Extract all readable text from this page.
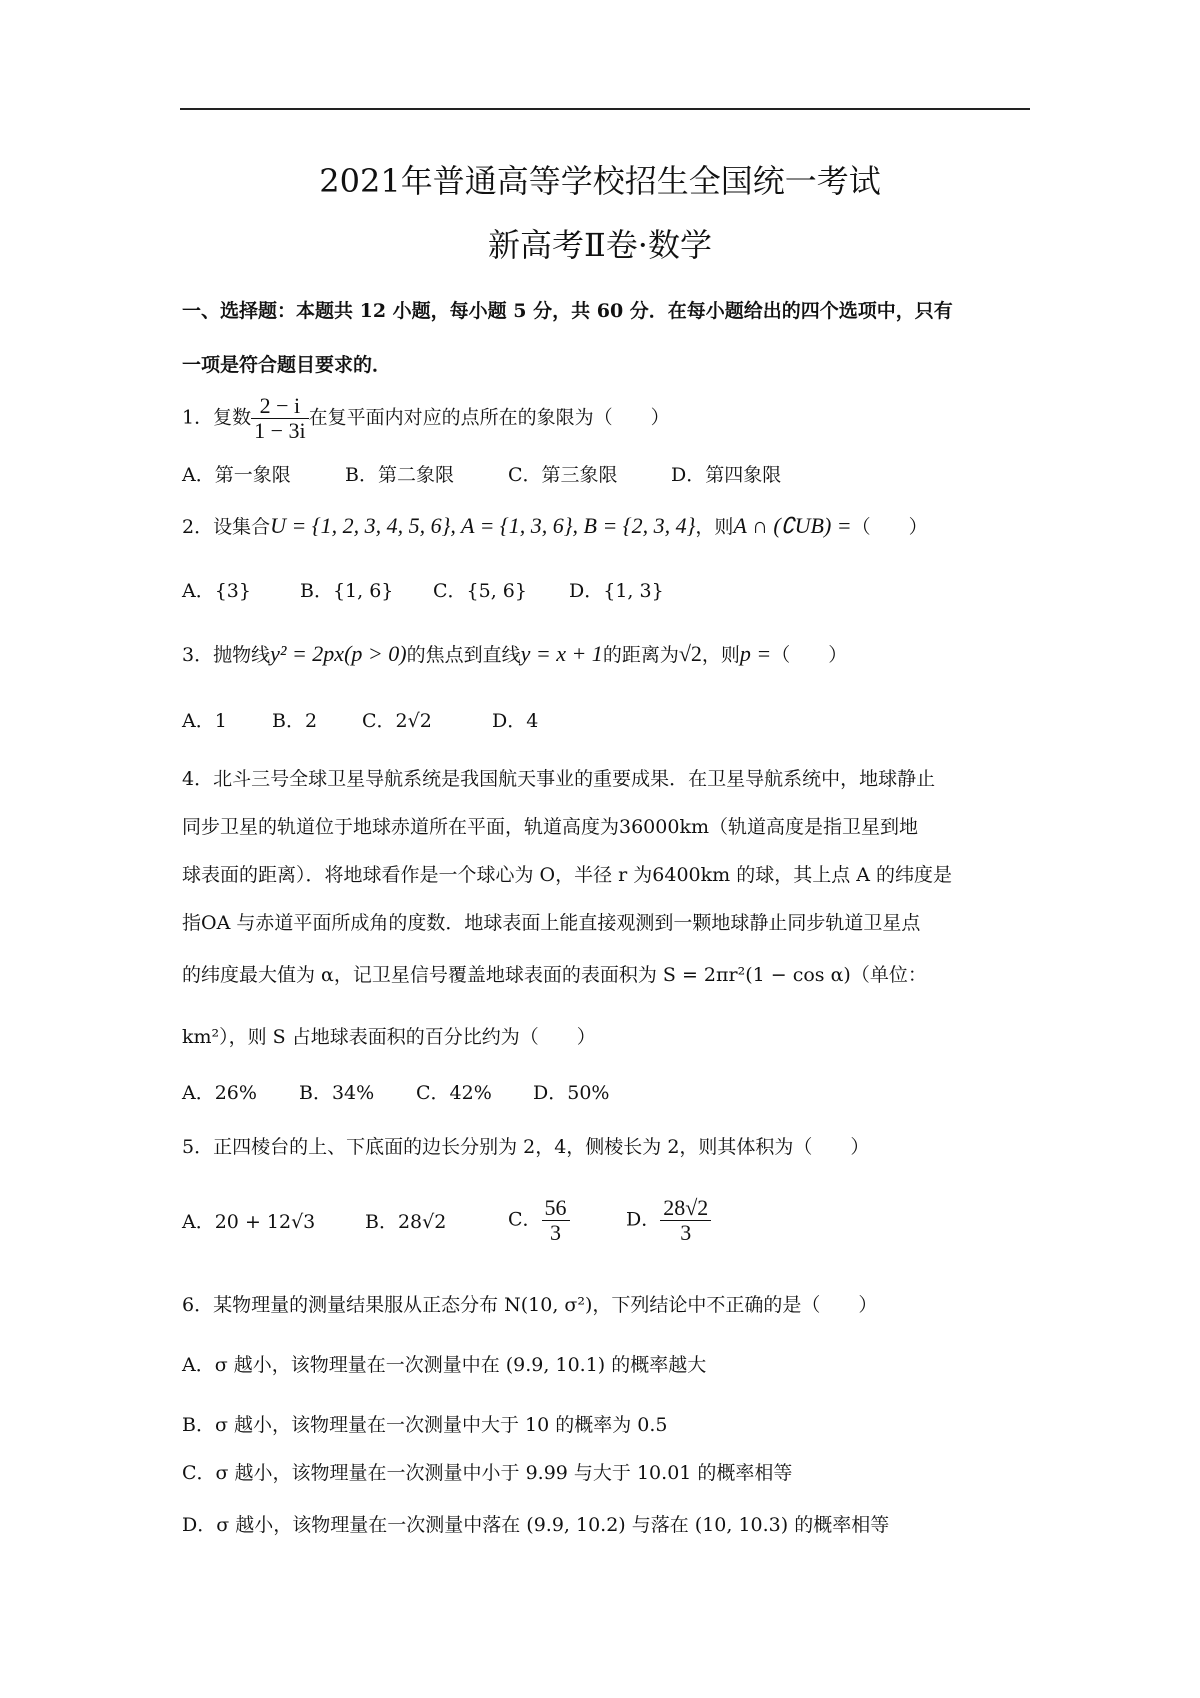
2021年普通高等学校招生全国统一考试
新高考Ⅱ卷·数学
一、选择题：本题共 12 小题，每小题 5 分，共 60 分．在每小题给出的四个选项中，只有
一项是符合题目要求的．
1．复数 $\frac{2 - i}{1 - 3i}$ 在复平面内对应的点所在的象限为（　　）
A．第一象限	B．第二象限	C．第三象限	D．第四象限
2．设集合U = {1, 2, 3, 4, 5, 6}, A = {1, 3, 6}, B = {2, 3, 4}，则A ∩ (∁UB) =（　　）
A．{3}	B．{1, 6} C．{5, 6} D．{1, 3}
3．抛物线y² = 2px(p > 0)的焦点到直线y = x + 1的距离为√2，则p =（　　）
A．1 B．2 C．2√2	D．4
4．北斗三号全球卫星导航系统是我国航天事业的重要成果．在卫星导航系统中，地球静止
同步卫星的轨道位于地球赤道所在平面，轨道高度为36000km（轨道高度是指卫星到地
球表面的距离）．将地球看作是一个球心为 O，半径 r 为6400km 的球，其上点 A 的纬度是
指OA 与赤道平面所成角的度数．地球表面上能直接观测到一颗地球静止同步轨道卫星点
的纬度最大值为 α，记卫星信号覆盖地球表面的表面积为 S = 2πr²(1 − cos α)（单位：
km²），则 S 占地球表面积的百分比约为（　　）
A．26% B．34% C．42% D．50%
5．正四棱台的上、下底面的边长分别为 2，4，侧棱长为 2，则其体积为（　　）
A．20 + 12√3	B．28√2	C． $\frac{56}{3}$	D． $\frac{28√2}{3}$
6．某物理量的测量结果服从正态分布 N(10, σ²)，下列结论中不正确的是（　　）
A．σ 越小，该物理量在一次测量中在 (9.9, 10.1) 的概率越大
B．σ 越小，该物理量在一次测量中大于 10 的概率为 0.5
C．σ 越小，该物理量在一次测量中小于 9.99 与大于 10.01 的概率相等
D．σ 越小，该物理量在一次测量中落在 (9.9, 10.2) 与落在 (10, 10.3) 的概率相等
